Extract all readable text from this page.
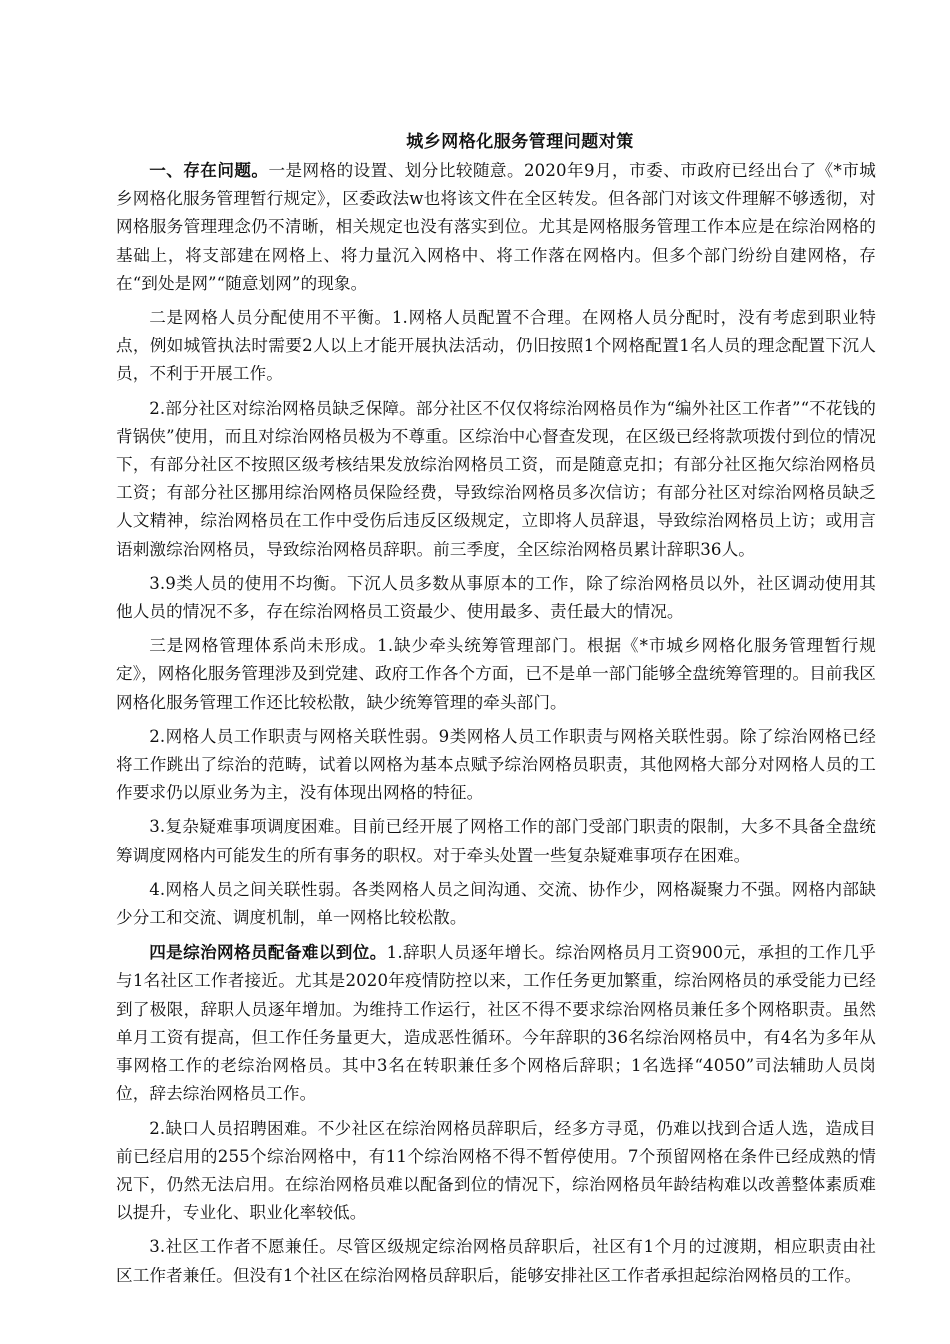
城乡网格化服务管理问题对策

一、存在问题。一是网格的设置、划分比较随意。2020年9月，市委、市政府已经出台了《*市城乡网格化服务管理暂行规定》，区委政法w也将该文件在全区转发。但各部门对该文件理解不够透彻，对网格服务管理理念仍不清晰，相关规定也没有落实到位。尤其是网格服务管理工作本应是在综治网格的基础上，将支部建在网格上、将力量沉入网格中、将工作落在网格内。但多个部门纷纷自建网格，存在“到处是网”“随意划网”的现象。

二是网格人员分配使用不平衡。1.网格人员配置不合理。在网格人员分配时，没有考虑到职业特点，例如城管执法时需要2人以上才能开展执法活动，仍旧按照1个网格配置1名人员的理念配置下沉人员，不利于开展工作。

2.部分社区对综治网格员缺乏保障。部分社区不仅仅将综治网格员作为“编外社区工作者”“不花钱的背锅侠”使用，而且对综治网格员极为不尊重。区综治中心督查发现，在区级已经将款项拨付到位的情况下，有部分社区不按照区级考核结果发放综治网格员工资，而是随意克扣；有部分社区拖欠综治网格员工资；有部分社区挪用综治网格员保险经费，导致综治网格员多次信访；有部分社区对综治网格员缺乏人文精神，综治网格员在工作中受伤后违反区级规定，立即将人员辞退，导致综治网格员上访；或用言语刺激综治网格员，导致综治网格员辞职。前三季度，全区综治网格员累计辞职36人。

3.9类人员的使用不均衡。下沉人员多数从事原本的工作，除了综治网格员以外，社区调动使用其他人员的情况不多，存在综治网格员工资最少、使用最多、责任最大的情况。

三是网格管理体系尚未形成。1.缺少牵头统筹管理部门。根据《*市城乡网格化服务管理暂行规定》，网格化服务管理涉及到党建、政府工作各个方面，已不是单一部门能够全盘统筹管理的。目前我区网格化服务管理工作还比较松散，缺少统筹管理的牵头部门。

2.网格人员工作职责与网格关联性弱。9类网格人员工作职责与网格关联性弱。除了综治网格已经将工作跳出了综治的范畴，试着以网格为基本点赋予综治网格员职责，其他网格大部分对网格人员的工作要求仍以原业务为主，没有体现出网格的特征。

3.复杂疑难事项调度困难。目前已经开展了网格工作的部门受部门职责的限制，大多不具备全盘统筹调度网格内可能发生的所有事务的职权。对于牵头处置一些复杂疑难事项存在困难。

4.网格人员之间关联性弱。各类网格人员之间沟通、交流、协作少，网格凝聚力不强。网格内部缺少分工和交流、调度机制，单一网格比较松散。

四是综治网格员配备难以到位。1.辞职人员逐年增长。综治网格员月工资900元，承担的工作几乎与1名社区工作者接近。尤其是2020年疫情防控以来，工作任务更加繁重，综治网格员的承受能力已经到了极限，辞职人员逐年增加。为维持工作运行，社区不得不要求综治网格员兼任多个网格职责。虽然单月工资有提高，但工作任务量更大，造成恶性循环。今年辞职的36名综治网格员中，有4名为多年从事网格工作的老综治网格员。其中3名在转职兼任多个网格后辞职；1名选择“4050”司法辅助人员岗位，辞去综治网格员工作。

2.缺口人员招聘困难。不少社区在综治网格员辞职后，经多方寻觅，仍难以找到合适人选，造成目前已经启用的255个综治网格中，有11个综治网格不得不暂停使用。7个预留网格在条件已经成熟的情况下，仍然无法启用。在综治网格员难以配备到位的情况下，综治网格员年龄结构难以改善整体素质难以提升，专业化、职业化率较低。

3.社区工作者不愿兼任。尽管区级规定综治网格员辞职后，社区有1个月的过渡期，相应职责由社区工作者兼任。但没有1个社区在综治网格员辞职后，能够安排社区工作者承担起综治网格员的工作。
